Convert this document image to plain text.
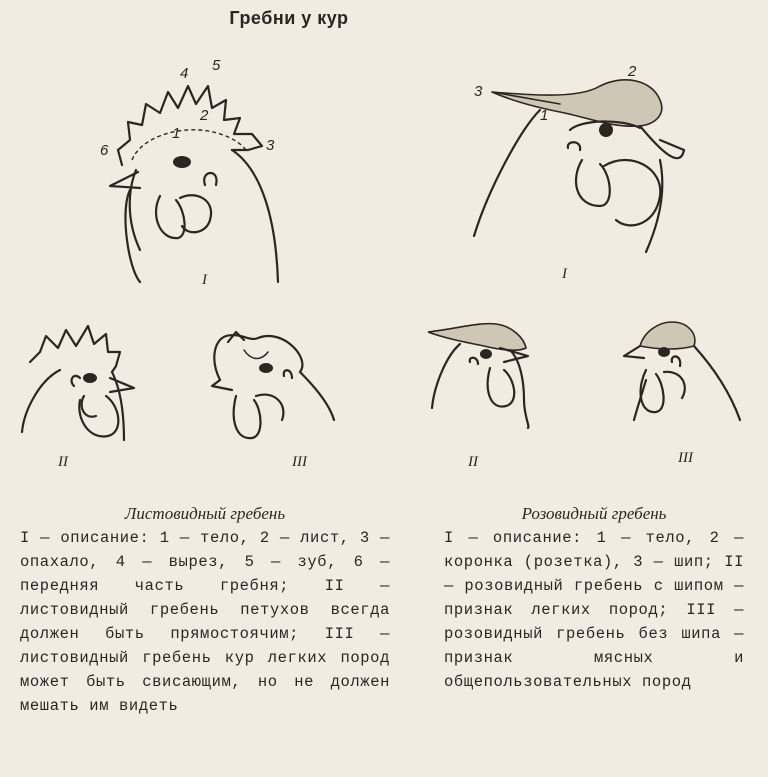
Гребни у кур
4 5
2
1
6	3
I
2
3
1
I
II	III	II	III
Листовидный гребень
I — описание: 1 — тело, 2 — лист, 3 — опахало, 4 — вырез, 5 — зуб, 6 — передняя часть гребня; II — листовидный гребень петухов всегда должен быть прямостоячим; III — листовидный гребень кур легких пород может быть свисающим, но не должен мешать им видеть
Розовидный гребень
I — описание: 1 — тело, 2 — коронка (розетка), 3 — шип; II — розовидный гребень с шипом — признак легких пород; III — розовидный гребень без шипа — признак мясных и общепользовательных пород
